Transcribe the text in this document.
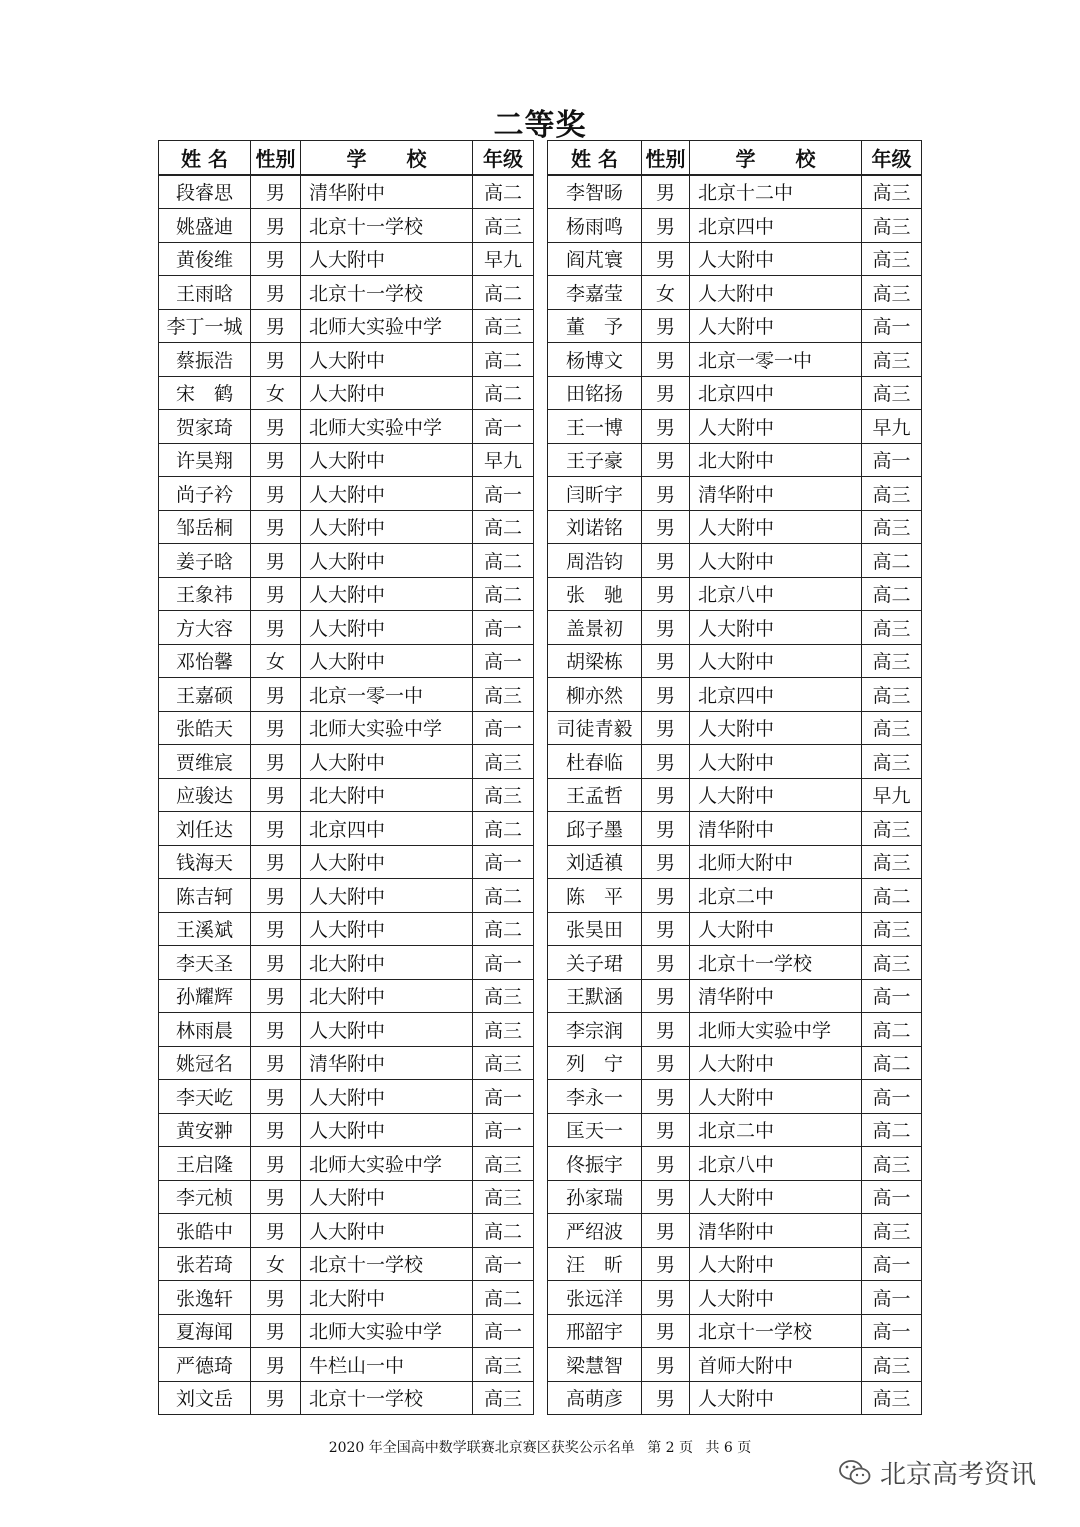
二等奖
姓 名	性别	学　　校	年级
段睿思	男	清华附中	高二
姚盛迪	男	北京十一学校	高三
黄俊维	男	人大附中	早九
王雨晗	男	北京十一学校	高二
李丁一城	男	北师大实验中学	高三
蔡振浩	男	人大附中	高二
宋　鹤	女	人大附中	高二
贺家琦	男	北师大实验中学	高一
许昊翔	男	人大附中	早九
尚子衿	男	人大附中	高一
邹岳桐	男	人大附中	高二
姜子晗	男	人大附中	高二
王象祎	男	人大附中	高二
方大容	男	人大附中	高一
邓怡馨	女	人大附中	高一
王嘉硕	男	北京一零一中	高三
张皓天	男	北师大实验中学	高一
贾维宸	男	人大附中	高三
应骏达	男	北大附中	高三
刘任达	男	北京四中	高二
钱海天	男	人大附中	高一
陈吉轲	男	人大附中	高二
王溪斌	男	人大附中	高二
李天圣	男	北大附中	高一
孙耀辉	男	北大附中	高三
林雨晨	男	人大附中	高三
姚冠名	男	清华附中	高三
李天屹	男	人大附中	高一
黄安翀	男	人大附中	高一
王启隆	男	北师大实验中学	高三
李元桢	男	人大附中	高三
张皓中	男	人大附中	高二
张若琦	女	北京十一学校	高一
张逸轩	男	北大附中	高二
夏海闻	男	北师大实验中学	高一
严德琦	男	牛栏山一中	高三
刘文岳	男	北京十一学校	高三
姓 名	性别	学　　校	年级
李智旸	男	北京十二中	高三
杨雨鸣	男	北京四中	高三
阎芃寰	男	人大附中	高三
李嘉莹	女	人大附中	高三
董　予	男	人大附中	高一
杨博文	男	北京一零一中	高三
田铭扬	男	北京四中	高三
王一博	男	人大附中	早九
王子豪	男	北大附中	高一
闫昕宇	男	清华附中	高三
刘诺铭	男	人大附中	高三
周浩钧	男	人大附中	高二
张　驰	男	北京八中	高二
盖景初	男	人大附中	高三
胡梁栋	男	人大附中	高三
柳亦然	男	北京四中	高三
司徒青毅	男	人大附中	高三
杜春临	男	人大附中	高三
王孟哲	男	人大附中	早九
邱子墨	男	清华附中	高三
刘适禛	男	北师大附中	高三
陈　平	男	北京二中	高二
张昊田	男	人大附中	高三
关子珺	男	北京十一学校	高三
王默涵	男	清华附中	高一
李宗润	男	北师大实验中学	高二
列　宁	男	人大附中	高二
李永一	男	人大附中	高一
匡天一	男	北京二中	高二
佟振宇	男	北京八中	高三
孙家瑞	男	人大附中	高一
严绍波	男	清华附中	高三
汪　昕	男	人大附中	高一
张远洋	男	人大附中	高一
邢韶宇	男	北京十一学校	高一
梁慧智	男	首师大附中	高三
高萌彦	男	人大附中	高三
2020 年全国高中数学联赛北京赛区获奖公示名单 第 2 页 共 6 页
北京高考资讯
